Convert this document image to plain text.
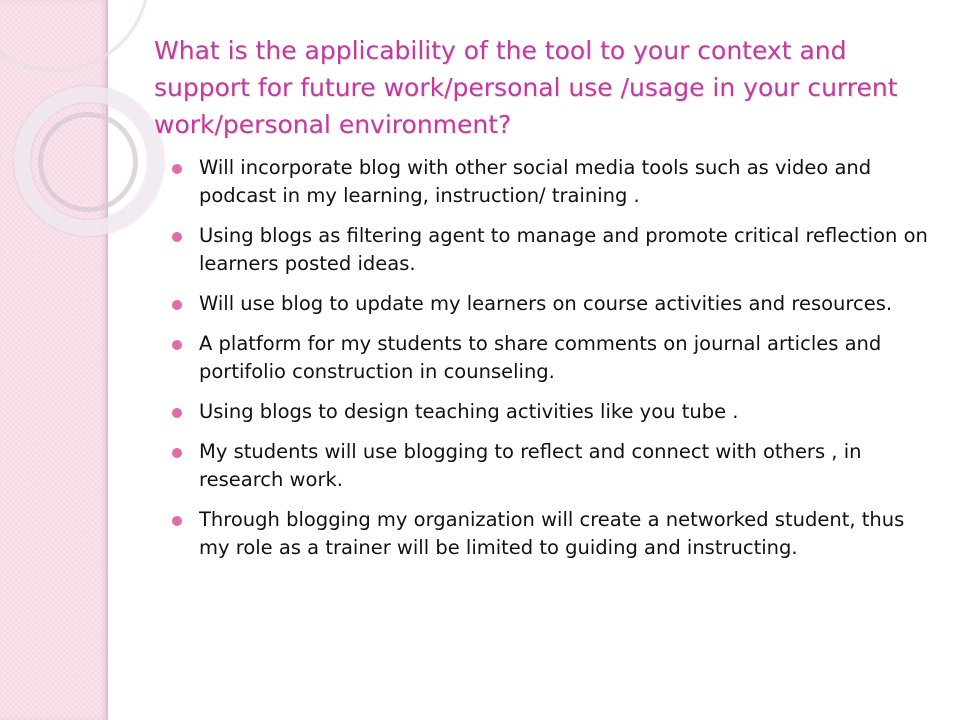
What is the applicability of the tool to your context and support for future work/personal use /usage in your current work/personal environment?
Will incorporate blog with other social media tools such as video and podcast in my learning, instruction/ training .
Using blogs as filtering agent to manage and promote critical reflection on learners posted ideas.
Will use blog to update my learners on course activities and resources.
A platform for my students to share comments on journal articles and portifolio construction in counseling.
Using blogs to design teaching activities like you tube .
My students will use blogging to reflect and connect with others , in research work.
Through blogging my organization will create a networked student, thus my role as a trainer will be limited to guiding and instructing.
